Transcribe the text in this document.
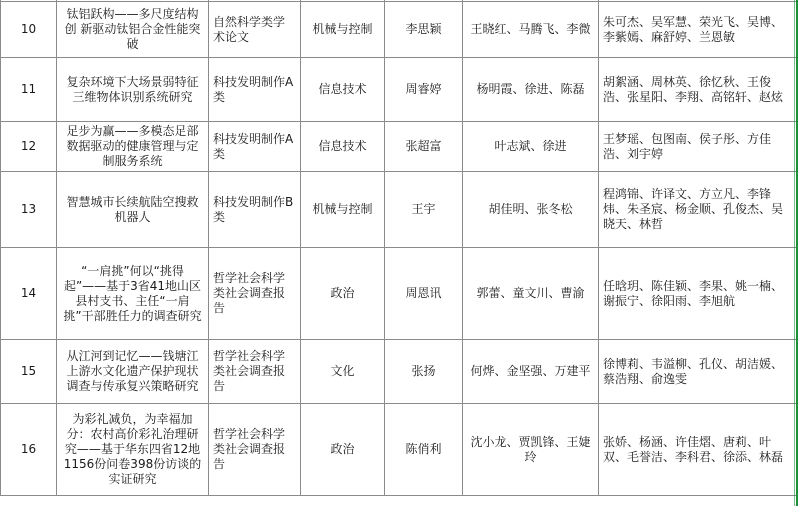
10	钛铝跃构——多尺度结构创 新驱动钛铝合金性能突破	自然科学类学术论文	机械与控制	李思颖	王晓红、马腾飞、李微	朱可杰、吴军慧、荣光飞、吴博、李紫嫣、麻舒婷、兰恩敏
11	复杂环境下大场景弱特征三维物体识别系统研究	科技发明制作A类	信息技术	周睿婷	杨明霞、徐进、陈磊	胡絮涵、周林英、徐忆秋、王俊浩、张星阳、李翔、高铭轩、赵炫
12	足步为赢——多模态足部数据驱动的健康管理与定制服务系统	科技发明制作A类	信息技术	张超富	叶志斌、徐进	王梦瑶、包图南、侯子彤、方佳浩、刘宇婷
13	智慧城市长续航陆空搜救机器人	科技发明制作B类	机械与控制	王宇	胡佳明、张冬松	程鸿锦、许译文、方立凡、李锋炜、朱圣宸、杨金顺、孔俊杰、吴晓天、林哲
14	“一肩挑”何以“挑得起”——基于3省41地山区县村支书、主任“一肩挑”干部胜任力的调查研究	哲学社会科学类社会调查报告	政治	周恩讯	郭蕾、童文川、曹渝	任晗玥、陈佳颖、李果、姚一楠、谢振宁、徐阳雨、李旭航
15	从江河到记忆——钱塘江上游水文化遗产保护现状调查与传承复兴策略研究	哲学社会科学类社会调查报告	文化	张扬	何烨、金坚强、万建平	徐博莉、韦溢柳、孔仪、胡洁媛、蔡浩翔、俞逸雯
16	为彩礼减负，为幸福加分：农村高价彩礼治理研究——基于华东四省12地1156份问卷398份访谈的实证研究	哲学社会科学类社会调查报告	政治	陈俏利	沈小龙、贾凯锋、王婕玲	张娇、杨涵、许佳熠、唐莉、叶双、毛誉洁、李科君、徐添、林磊
